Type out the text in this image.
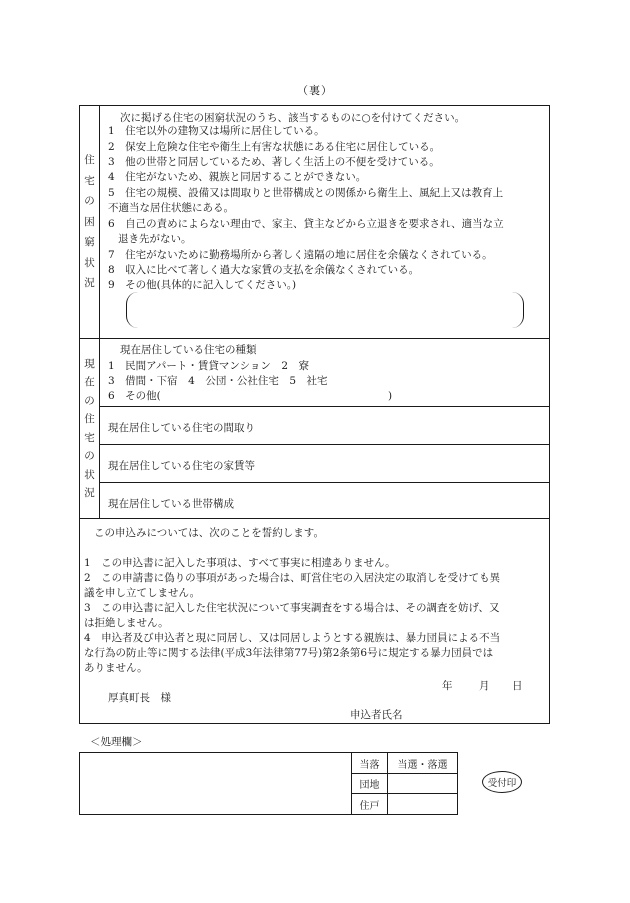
（裏）
住
宅
の
困
窮
状
況
次に掲げる住宅の困窮状況のうち、該当するものに○を付けてください。
1　住宅以外の建物又は場所に居住している。
2　保安上危険な住宅や衛生上有害な状態にある住宅に居住している。
3　他の世帯と同居しているため、著しく生活上の不便を受けている。
4　住宅がないため、親族と同居することができない。
5　住宅の規模、設備又は間取りと世帯構成との関係から衛生上、風紀上又は教育上
不適当な居住状態にある。
6　自己の責めによらない理由で、家主、貸主などから立退きを要求され、適当な立
退き先がない。
7　住宅がないために勤務場所から著しく遠隔の地に居住を余儀なくされている。
8　収入に比べて著しく過大な家賃の支払を余儀なくされている。
9　その他(具体的に記入してください。)
現
在
の
住
宅
の
状
況
現在居住している住宅の種類
1　民間アパート・賃貸マンション　2　寮
3　借間・下宿　4　公団・公社住宅　5　社宅
6　その他(	)
現在居住している住宅の間取り
現在居住している住宅の家賃等
現在居住している世帯構成
この申込みについては、次のことを誓約します。
1　この申込書に記入した事項は、すべて事実に相違ありません。
2　この申請書に偽りの事項があった場合は、町営住宅の入居決定の取消しを受けても異
議を申し立てしません。
3　この申込書に記入した住宅状況について事実調査をする場合は、その調査を妨げ、又
は拒絶しません。
4　申込者及び申込者と現に同居し、又は同居しようとする親族は、暴力団員による不当
な行為の防止等に関する法律(平成3年法律第77号)第2条第6号に規定する暴力団員では
ありません。
年	月 日
厚真町長　様
申込者氏名
＜処理欄＞
当落	当選・落選
団地
住戸
受付印
